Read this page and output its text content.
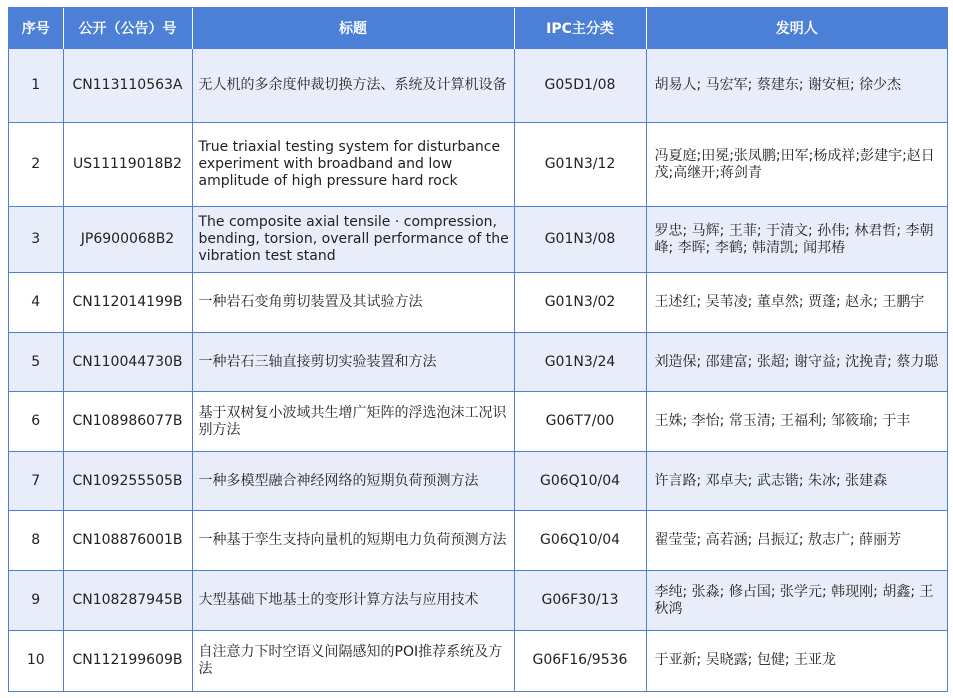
序号	公开（公告）号	标题	IPC主分类	发明人
1	CN113110563A	无人机的多余度仲裁切换方法、系统及计算机设备	G05D1/08	胡易人; 马宏军; 蔡建东; 谢安桓; 徐少杰
2	US11119018B2	True triaxial testing system for disturbance experiment with broadband and low amplitude of high pressure hard rock	G01N3/12	冯夏庭;田冕;张凤鹏;田军;杨成祥;彭建宇;赵日茂;高继开;蒋剑青
3	JP6900068B2	The composite axial tensile · compression, bending, torsion, overall performance of the vibration test stand	G01N3/08	罗忠; 马辉; 王菲; 于清文; 孙伟; 林君哲; 李朝峰; 李晖; 李鹤; 韩清凯; 闻邦椿
4	CN112014199B	一种岩石变角剪切装置及其试验方法	G01N3/02	王述红; 吴苇凌; 董卓然; 贾蓬; 赵永; 王鹏宇
5	CN110044730B	一种岩石三轴直接剪切实验装置和方法	G01N3/24	刘造保; 邵建富; 张超; 谢守益; 沈挽青; 蔡力聪
6	CN108986077B	基于双树复小波域共生增广矩阵的浮选泡沫工况识别方法	G06T7/00	王姝; 李怡; 常玉清; 王福利; 邹筱瑜; 于丰
7	CN109255505B	一种多模型融合神经网络的短期负荷预测方法	G06Q10/04	许言路; 邓卓夫; 武志锴; 朱冰; 张建森
8	CN108876001B	一种基于孪生支持向量机的短期电力负荷预测方法	G06Q10/04	翟莹莹; 高若涵; 吕振辽; 敖志广; 薛丽芳
9	CN108287945B	大型基础下地基土的变形计算方法与应用技术	G06F30/13	李纯; 张淼; 修占国; 张学元; 韩现刚; 胡鑫; 王秋鸿
10	CN112199609B	自注意力下时空语义间隔感知的POI推荐系统及方法	G06F16/9536	于亚新; 吴晓露; 包健; 王亚龙
